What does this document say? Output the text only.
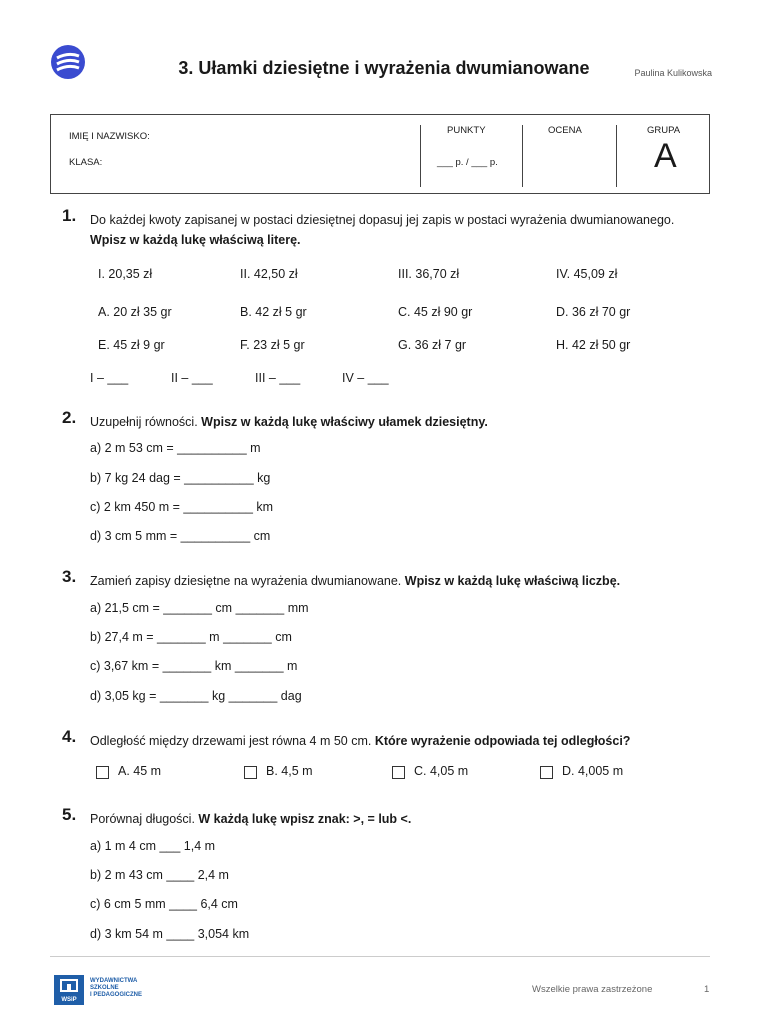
3. Ułamki dziesiętne i wyrażenia dwumianowane	Paulina Kulikowska
IMIĘ I NAZWISKO:
KLASA:
PUNKTY
___ p. / ___ p.
OCENA	GRUPA
A
1. Do każdej kwoty zapisanej w postaci dziesiętnej dopasuj jej zapis w postaci wyrażenia dwumianowanego. Wpisz w każdą lukę właściwą literę.
I. 20,35 zł	II. 42,50 zł	III. 36,70 zł	IV. 45,09 zł
A. 20 zł 35 gr	B. 42 zł 5 gr	C. 45 zł 90 gr	D. 36 zł 70 gr
E. 45 zł 9 gr	F. 23 zł 5 gr	G. 36 zł 7 gr	H. 42 zł 50 gr
I – ___	II – ___	III – ___	IV – ___
2. Uzupełnij równości. Wpisz w każdą lukę właściwy ułamek dziesiętny.
a) 2 m 53 cm = __________ m
b) 7 kg 24 dag = __________ kg
c) 2 km 450 m = __________ km
d) 3 cm 5 mm = __________ cm
3. Zamień zapisy dziesiętne na wyrażenia dwumianowane. Wpisz w każdą lukę właściwą liczbę.
a) 21,5 cm = _______ cm _______ mm
b) 27,4 m = _______ m _______ cm
c) 3,67 km = _______ km _______ m
d) 3,05 kg = _______ kg _______ dag
4. Odległość między drzewami jest równa 4 m 50 cm. Które wyrażenie odpowiada tej odległości?
A. 45 m	B. 4,5 m	C. 4,05 m	D. 4,005 m
5. Porównaj długości. W każdą lukę wpisz znak: >, = lub <.
a) 1 m 4 cm ___ 1,4 m
b) 2 m 43 cm ____ 2,4 m
c) 6 cm 5 mm ____ 6,4 cm
d) 3 km 54 m ____ 3,054 km
WSiP
WYDAWNICTWA
SZKOLNE
I PEDAGOGICZNE	Wszelkie prawa zastrzeżone	1
